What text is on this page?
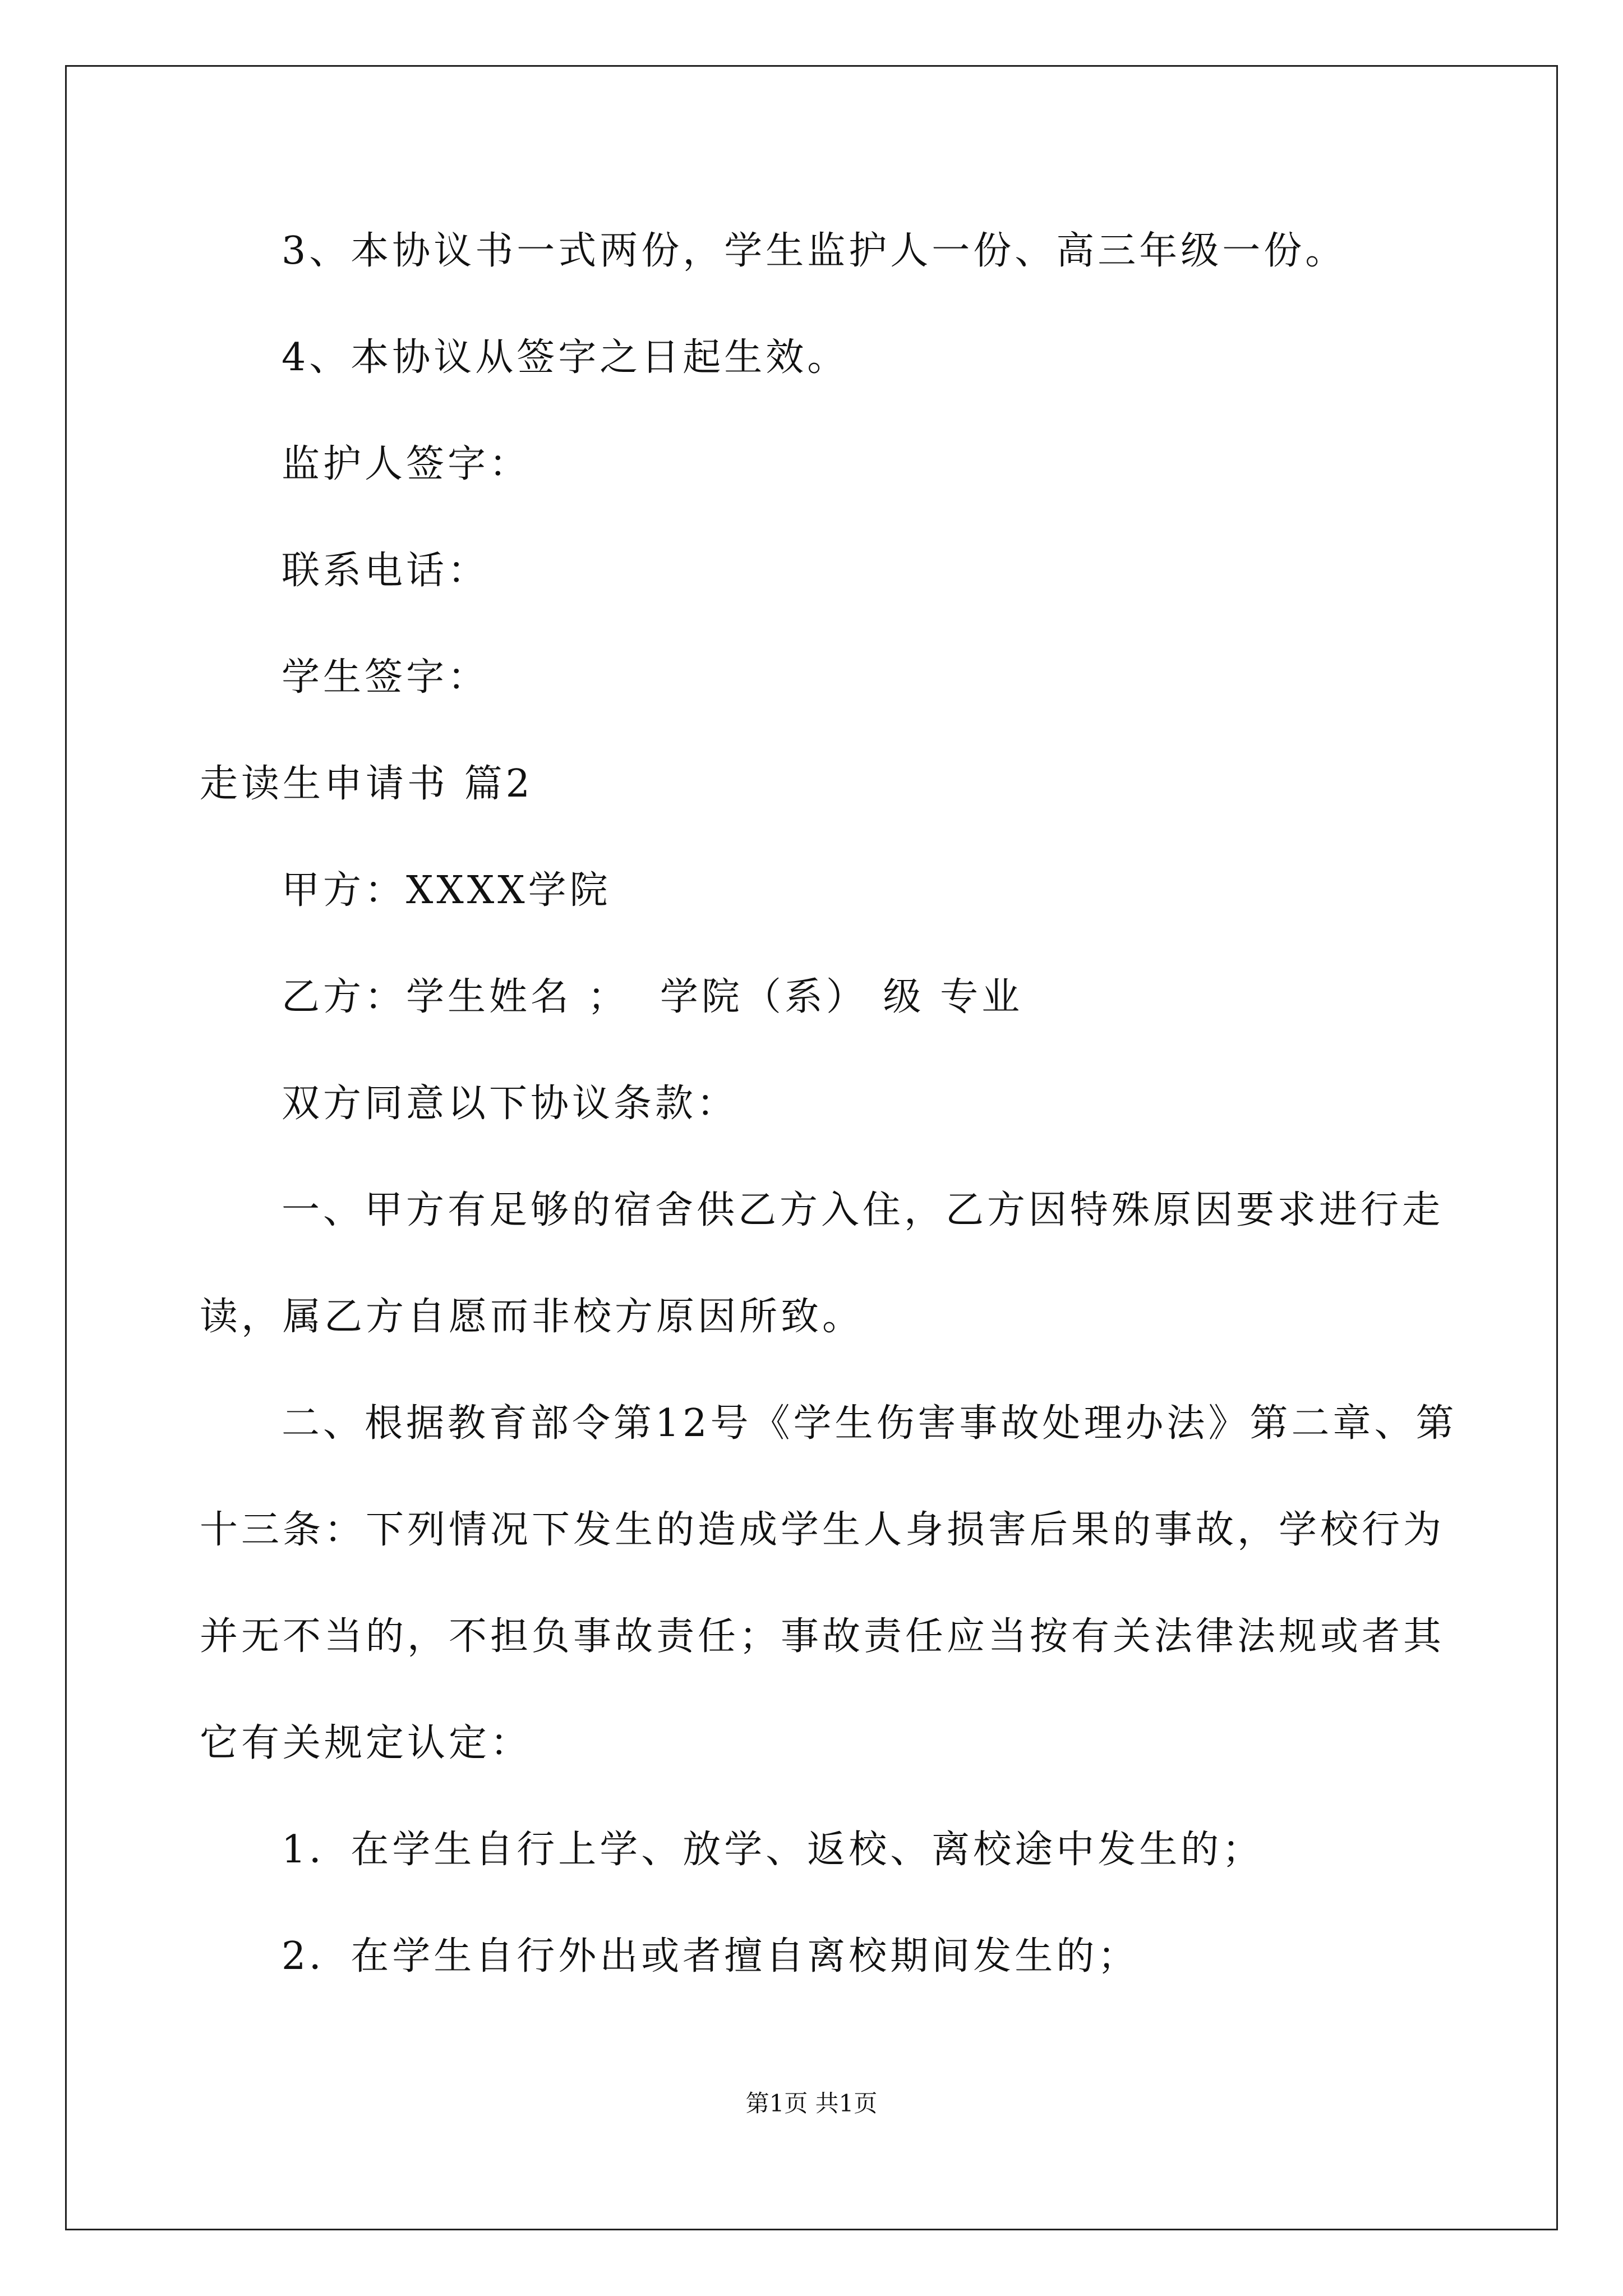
3、本协议书一式两份，学生监护人一份、高三年级一份。
4、本协议从签字之日起生效。
监护人签字：
联系电话：
学生签字：
走读生申请书 篇2
甲方：XXXX学院
乙方：学生姓名 ；  学院（系） 级 专业
双方同意以下协议条款：
一、甲方有足够的宿舍供乙方入住，乙方因特殊原因要求进行走
读，属乙方自愿而非校方原因所致。
二、根据教育部令第12号《学生伤害事故处理办法》第二章、第
十三条：下列情况下发生的造成学生人身损害后果的事故，学校行为
并无不当的，不担负事故责任；事故责任应当按有关法律法规或者其
它有关规定认定：
1．在学生自行上学、放学、返校、离校途中发生的；
2．在学生自行外出或者擅自离校期间发生的；
第1页 共1页
